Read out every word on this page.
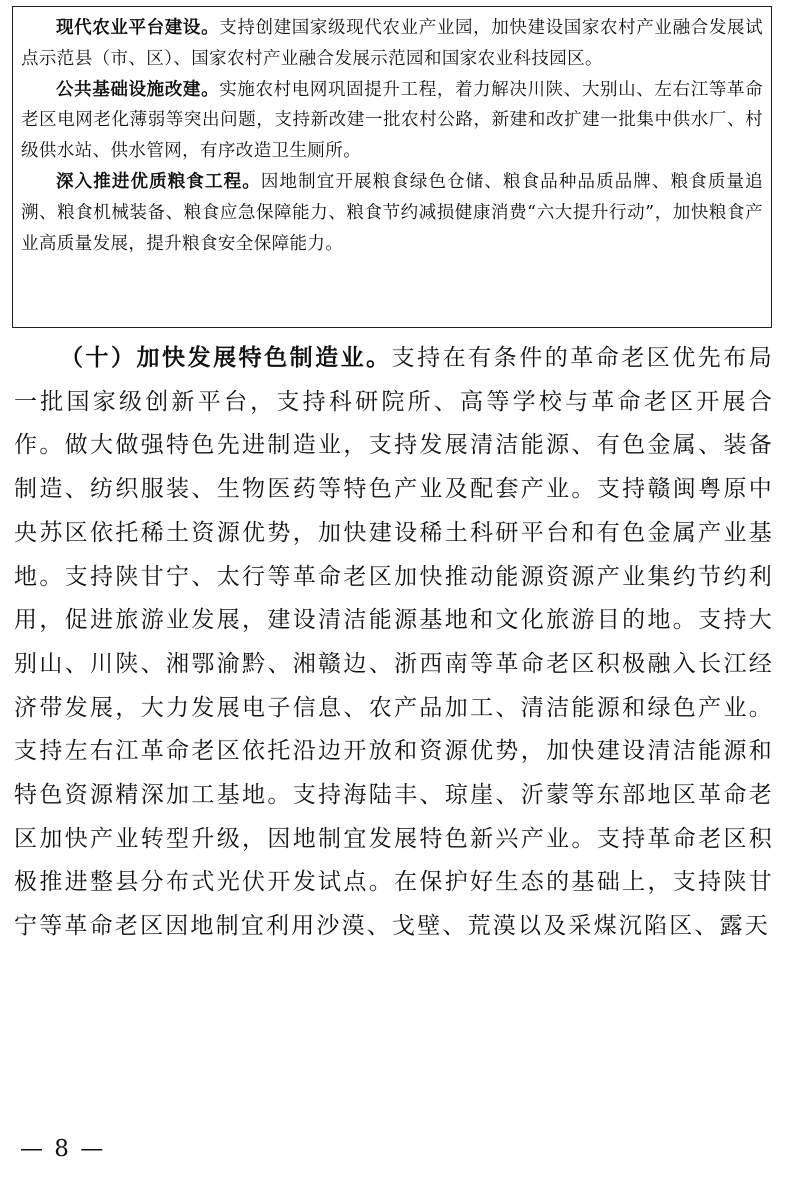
现代农业平台建设。支持创建国家级现代农业产业园，加快建设国家农村产业融合发展试点示范县（市、区）、国家农村产业融合发展示范园和国家农业科技园区。

公共基础设施改建。实施农村电网巩固提升工程，着力解决川陕、大别山、左右江等革命老区电网老化薄弱等突出问题，支持新改建一批农村公路，新建和改扩建一批集中供水厂、村级供水站、供水管网，有序改造卫生厕所。

深入推进优质粮食工程。因地制宜开展粮食绿色仓储、粮食品种品质品牌、粮食质量追溯、粮食机械装备、粮食应急保障能力、粮食节约减损健康消费“六大提升行动”，加快粮食产业高质量发展，提升粮食安全保障能力。

（十）加快发展特色制造业。支持在有条件的革命老区优先布局一批国家级创新平台，支持科研院所、高等学校与革命老区开展合作。做大做强特色先进制造业，支持发展清洁能源、有色金属、装备制造、纺织服装、生物医药等特色产业及配套产业。支持赣闽粤原中央苏区依托稀土资源优势，加快建设稀土科研平台和有色金属产业基地。支持陕甘宁、太行等革命老区加快推动能源资源产业集约节约利用，促进旅游业发展，建设清洁能源基地和文化旅游目的地。支持大别山、川陕、湘鄂渝黔、湘赣边、浙西南等革命老区积极融入长江经济带发展，大力发展电子信息、农产品加工、清洁能源和绿色产业。支持左右江革命老区依托沿边开放和资源优势，加快建设清洁能源和特色资源精深加工基地。支持海陆丰、琼崖、沂蒙等东部地区革命老区加快产业转型升级，因地制宜发展特色新兴产业。支持革命老区积极推进整县分布式光伏开发试点。在保护好生态的基础上，支持陕甘宁等革命老区因地制宜利用沙漠、戈壁、荒漠以及采煤沉陷区、露天

— 8 —
